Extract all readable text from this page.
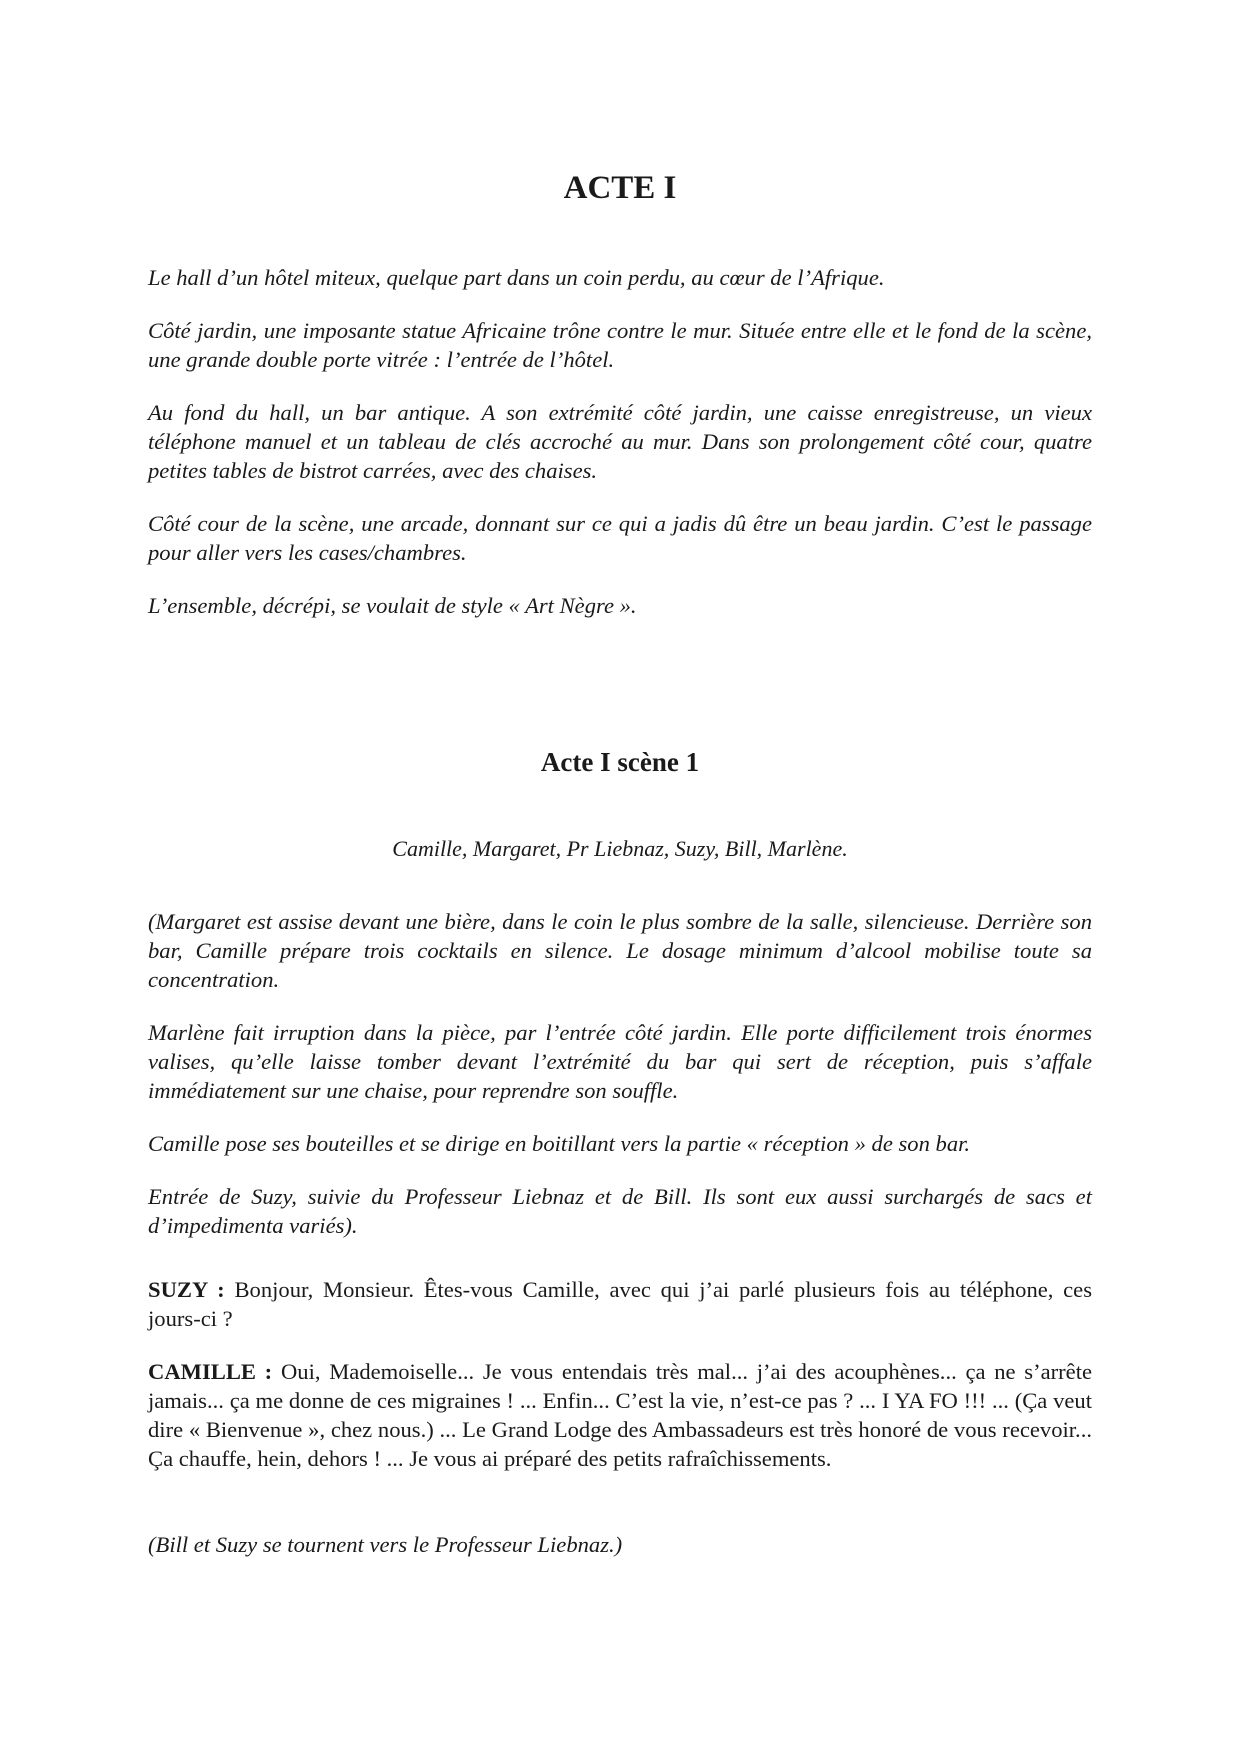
ACTE I

Le hall d’un hôtel miteux, quelque part dans un coin perdu, au cœur de l’Afrique.

Côté jardin, une imposante statue Africaine trône contre le mur. Située entre elle et le fond de la scène, une grande double porte vitrée : l’entrée de l’hôtel.

Au fond du hall, un bar antique. A son extrémité côté jardin, une caisse enregistreuse, un vieux téléphone manuel et un tableau de clés accroché au mur. Dans son prolongement côté cour, quatre petites tables de bistrot carrées, avec des chaises.

Côté cour de la scène, une arcade, donnant sur ce qui a jadis dû être un beau jardin. C’est le passage pour aller vers les cases/chambres.

L’ensemble, décrépi, se voulait de style « Art Nègre ».

Acte I scène 1

Camille, Margaret, Pr Liebnaz, Suzy, Bill, Marlène.

(Margaret est assise devant une bière, dans le coin le plus sombre de la salle, silencieuse. Derrière son bar, Camille prépare trois cocktails en silence. Le dosage minimum d’alcool mobilise toute sa concentration.

Marlène fait irruption dans la pièce, par l’entrée côté jardin. Elle porte difficilement trois énormes valises, qu’elle laisse tomber devant l’extrémité du bar qui sert de réception, puis s’affale immédiatement sur une chaise, pour reprendre son souffle.

Camille pose ses bouteilles et se dirige en boitillant vers la partie « réception » de son bar.

Entrée de Suzy, suivie du Professeur Liebnaz et de Bill. Ils sont eux aussi surchargés de sacs et d’impedimenta variés).

SUZY : Bonjour, Monsieur. Êtes-vous Camille, avec qui j’ai parlé plusieurs fois au téléphone, ces jours-ci ?

CAMILLE : Oui, Mademoiselle... Je vous entendais très mal... j’ai des acouphènes... ça ne s’arrête jamais... ça me donne de ces migraines ! ... Enfin... C’est la vie, n’est-ce pas ? ... I YA FO !!! ... (Ça veut dire « Bienvenue », chez nous.) ... Le Grand Lodge des Ambassadeurs est très honoré de vous recevoir... Ça chauffe, hein, dehors ! ... Je vous ai préparé des petits rafraîchissements.

(Bill et Suzy se tournent vers le Professeur Liebnaz.)
